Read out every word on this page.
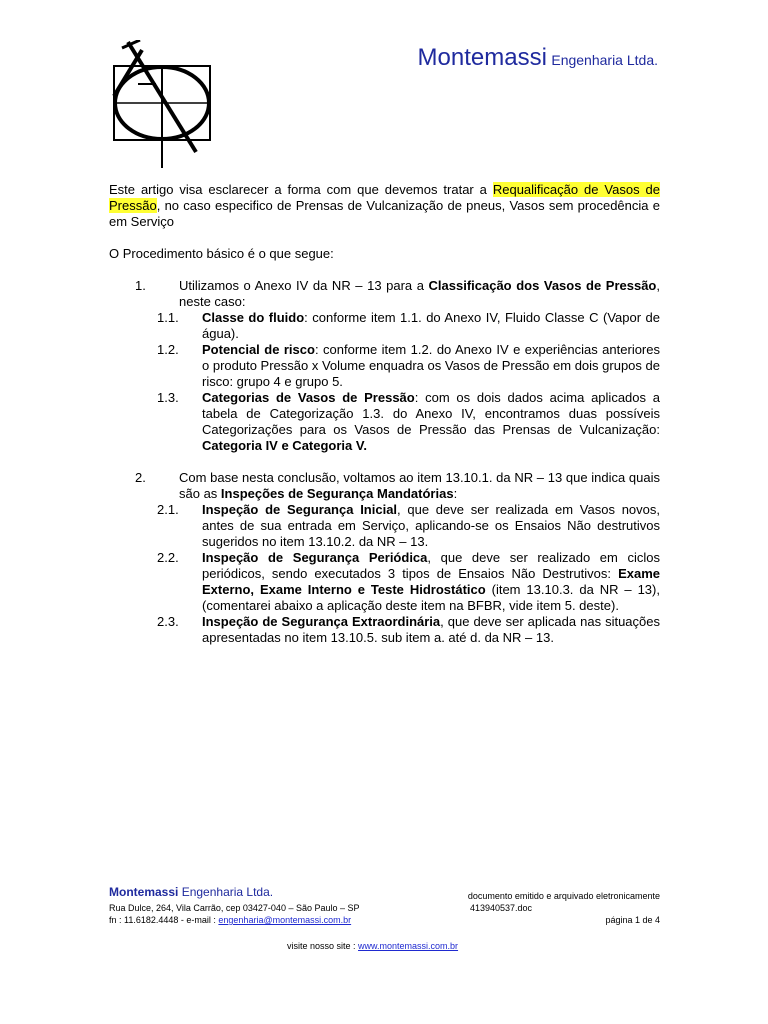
Montemassi Engenharia Ltda.

Este artigo visa esclarecer a forma com que devemos tratar a Requalificação de Vasos de Pressão, no caso especifico de Prensas de Vulcanização de pneus, Vasos sem procedência e em Serviço

O Procedimento básico é o que segue:

1.	Utilizamos o Anexo IV da NR – 13 para a Classificação dos Vasos de Pressão, neste caso:
1.1.	Classe do fluido: conforme item 1.1. do Anexo IV, Fluido Classe C (Vapor de água).
1.2.	Potencial de risco: conforme item 1.2. do Anexo IV e experiências anteriores o produto Pressão x Volume enquadra os Vasos de Pressão em dois grupos de risco: grupo 4 e grupo 5.
1.3.	Categorias de Vasos de Pressão: com os dois dados acima aplicados a tabela de Categorização 1.3. do Anexo IV, encontramos duas possíveis Categorizações para os Vasos de Pressão das Prensas de Vulcanização: Categoria IV e Categoria V.
2.	Com base nesta conclusão, voltamos ao item 13.10.1. da NR – 13 que indica quais são as Inspeções de Segurança Mandatórias:
2.1.	Inspeção de Segurança Inicial, que deve ser realizada em Vasos novos, antes de sua entrada em Serviço, aplicando-se os Ensaios Não destrutivos sugeridos no item 13.10.2. da NR – 13.
2.2.	Inspeção de Segurança Periódica, que deve ser realizado em ciclos periódicos, sendo executados 3 tipos de Ensaios Não Destrutivos: Exame Externo, Exame Interno e Teste Hidrostático (item 13.10.3. da NR – 13), (comentarei abaixo a aplicação deste item na BFBR, vide item 5. deste).
2.3.	Inspeção de Segurança Extraordinária, que deve ser aplicada nas situações apresentadas no item 13.10.5. sub item a. até d. da NR – 13.
Montemassi Engenharia Ltda.	documento emitido e arquivado eletronicamente
Rua Dulce, 264, Vila Carrão, cep 03427-040 – São Paulo – SP	413940537.doc
fn : 11.6182.4448 - e-mail : engenharia@montemassi.com.br	página 1 de 4
visite nosso site : www.montemassi.com.br
